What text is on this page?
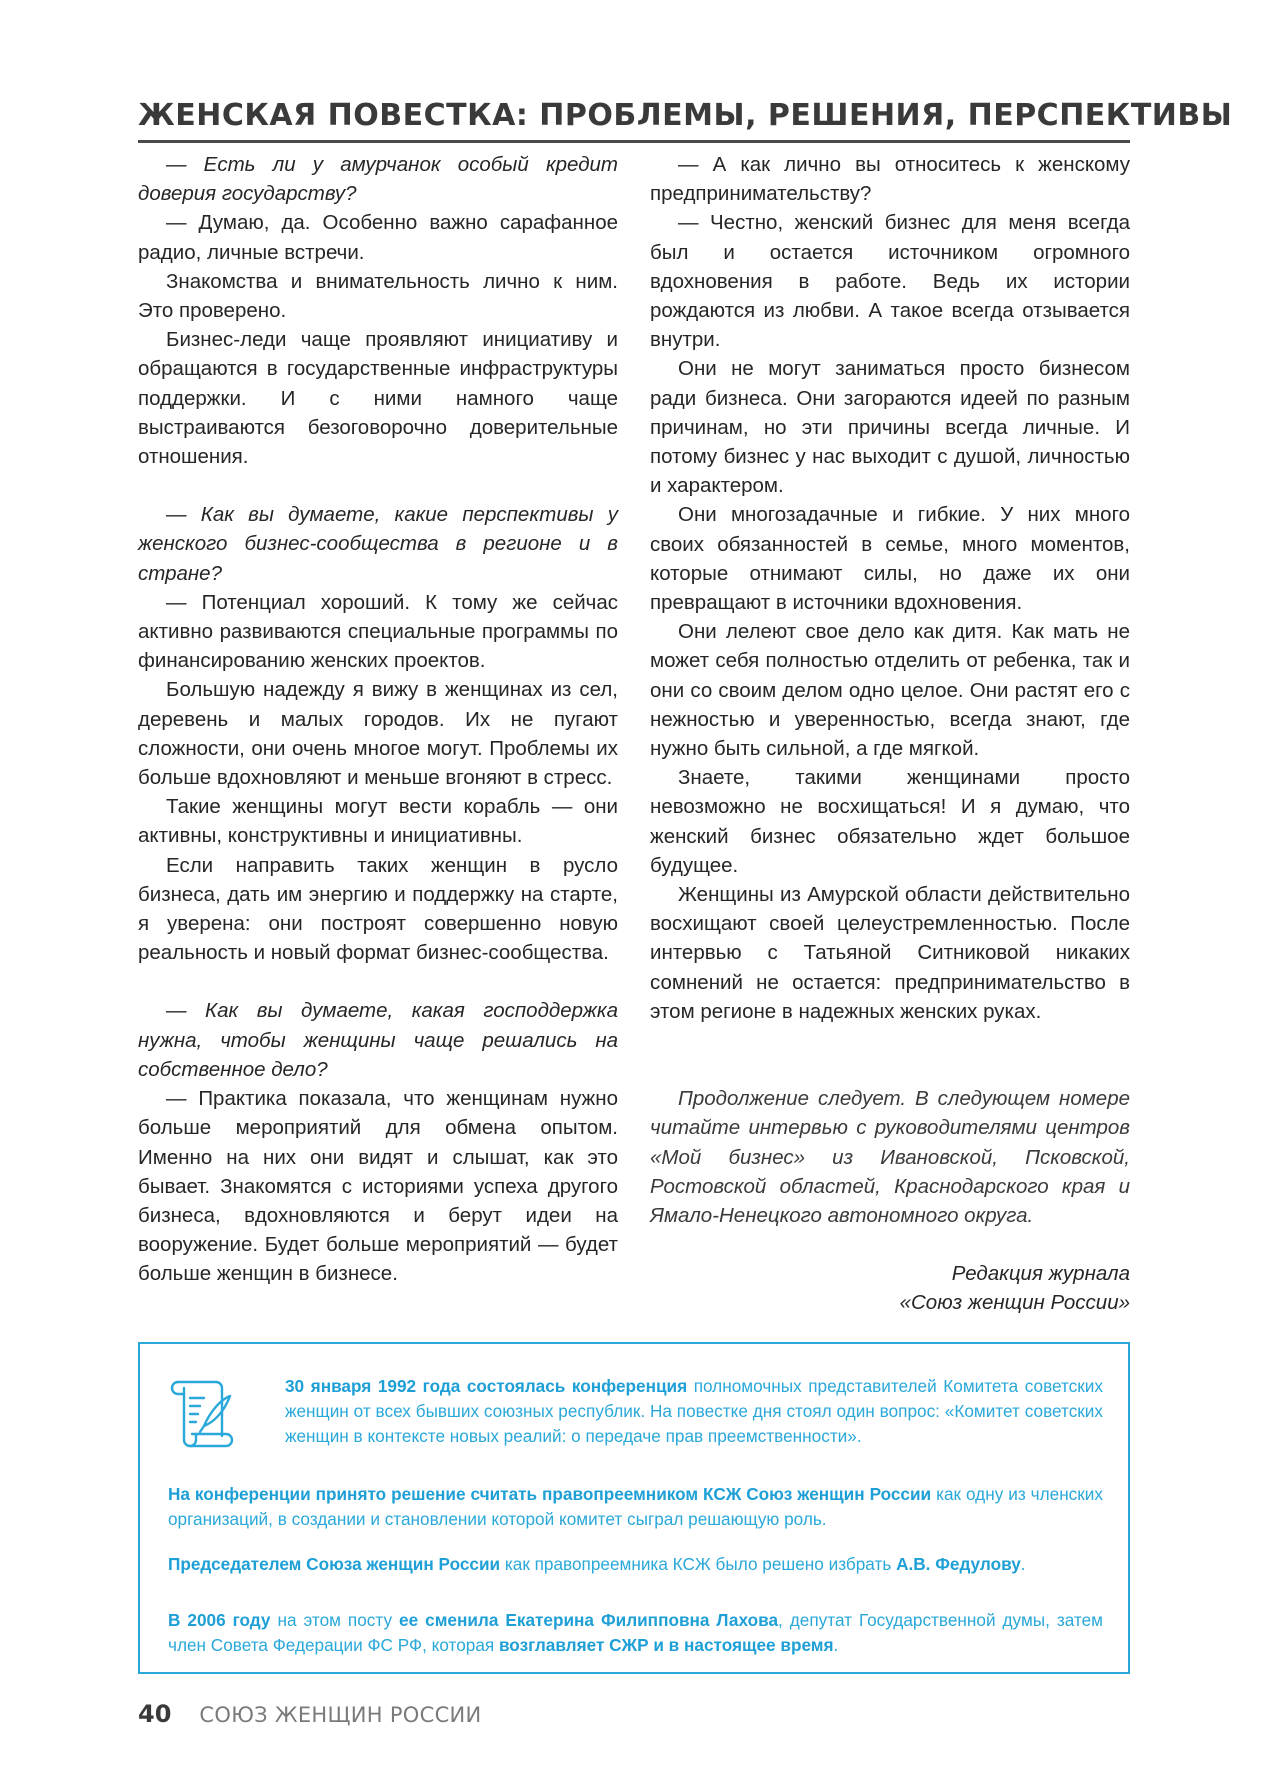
ЖЕНСКАЯ ПОВЕСТКА: ПРОБЛЕМЫ, РЕШЕНИЯ, ПЕРСПЕКТИВЫ

— Есть ли у амурчанок особый кредит доверия государству?

— Думаю, да. Особенно важно сарафанное радио, личные встречи.

Знакомства и внимательность лично к ним. Это проверено.

Бизнес-леди чаще проявляют инициативу и обращаются в государственные инфраструктуры поддержки. И с ними намного чаще выстраиваются безоговорочно доверительные отношения.

— Как вы думаете, какие перспективы у женского бизнес-сообщества в регионе и в стране?

— Потенциал хороший. К тому же сейчас активно развиваются специальные программы по финансированию женских проектов.

Большую надежду я вижу в женщинах из сел, деревень и малых городов. Их не пугают сложности, они очень многое могут. Проблемы их больше вдохновляют и меньше вгоняют в стресс.

Такие женщины могут вести корабль — они активны, конструктивны и инициативны.

Если направить таких женщин в русло бизнеса, дать им энергию и поддержку на старте, я уверена: они построят совершенно новую реальность и новый формат бизнес-сообщества.

— Как вы думаете, какая господдержка нужна, чтобы женщины чаще решались на собственное дело?

— Практика показала, что женщинам нужно больше мероприятий для обмена опытом. Именно на них они видят и слышат, как это бывает. Знакомятся с историями успеха другого бизнеса, вдохновляются и берут идеи на вооружение. Будет больше мероприятий — будет больше женщин в бизнесе.

— А как лично вы относитесь к женскому предпринимательству?

— Честно, женский бизнес для меня всегда был и остается источником огромного вдохновения в работе. Ведь их истории рождаются из любви. А такое всегда отзывается внутри.

Они не могут заниматься просто бизнесом ради бизнеса. Они загораются идеей по разным причинам, но эти причины всегда личные. И потому бизнес у нас выходит с душой, личностью и характером.

Они многозадачные и гибкие. У них много своих обязанностей в семье, много моментов, которые отнимают силы, но даже их они превращают в источники вдохновения.

Они лелеют свое дело как дитя. Как мать не может себя полностью отделить от ребенка, так и они со своим делом одно целое. Они растят его с нежностью и уверенностью, всегда знают, где нужно быть сильной, а где мягкой.

Знаете, такими женщинами просто невозможно не восхищаться! И я думаю, что женский бизнес обязательно ждет большое будущее.

Женщины из Амурской области действительно восхищают своей целеустремленностью. После интервью с Татьяной Ситниковой никаких сомнений не остается: предпринимательство в этом регионе в надежных женских руках.

Продолжение следует. В следующем номере читайте интервью с руководителями центров «Мой бизнес» из Ивановской, Псковской, Ростовской областей, Краснодарского края и Ямало-Ненецкого автономного округа.

Редакция журнала

«Союз женщин России»

30 января 1992 года состоялась конференция полномочных представителей Комитета советских женщин от всех бывших союзных республик. На повестке дня стоял один вопрос: «Комитет советских женщин в контексте новых реалий: о передаче прав преемственности».
На конференции принято решение считать правопреемником КСЖ Союз женщин России как одну из членских организаций, в создании и становлении которой комитет сыграл решающую роль.
Председателем Союза женщин России как правопреемника КСЖ было решено избрать А.В. Федулову.
В 2006 году на этом посту ее сменила Екатерина Филипповна Лахова, депутат Государственной думы, затем член Совета Федерации ФС РФ, которая возглавляет СЖР и в настоящее время.
40 СОЮЗ ЖЕНЩИН РОССИИ
